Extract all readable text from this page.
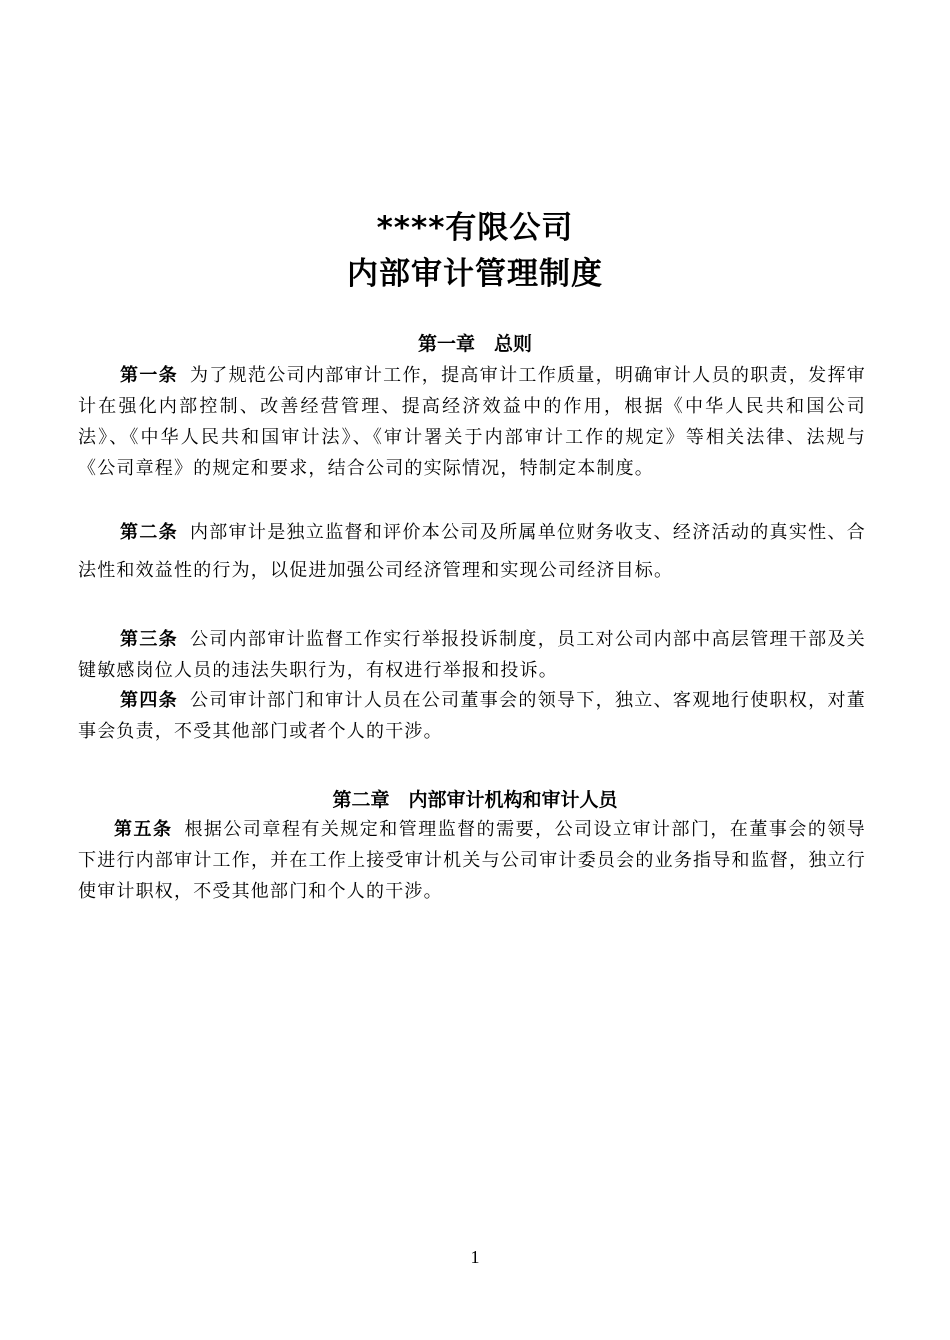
****有限公司
内部审计管理制度
第一章　总则

第一条 为了规范公司内部审计工作，提高审计工作质量，明确审计人员的职责，发挥审计在强化内部控制、改善经营管理、提高经济效益中的作用，根据《中华人民共和国公司法》、《中华人民共和国审计法》、《审计署关于内部审计工作的规定》等相关法律、法规与《公司章程》的规定和要求，结合公司的实际情况，特制定本制度。

第二条 内部审计是独立监督和评价本公司及所属单位财务收支、经济活动的真实性、合法性和效益性的行为，以促进加强公司经济管理和实现公司经济目标。

第三条 公司内部审计监督工作实行举报投诉制度，员工对公司内部中高层管理干部及关键敏感岗位人员的违法失职行为，有权进行举报和投诉。

第四条 公司审计部门和审计人员在公司董事会的领导下，独立、客观地行使职权，对董事会负责，不受其他部门或者个人的干涉。

第二章　内部审计机构和审计人员

第五条 根据公司章程有关规定和管理监督的需要，公司设立审计部门，在董事会的领导下进行内部审计工作，并在工作上接受审计机关与公司审计委员会的业务指导和监督，独立行使审计职权，不受其他部门和个人的干涉。

1
